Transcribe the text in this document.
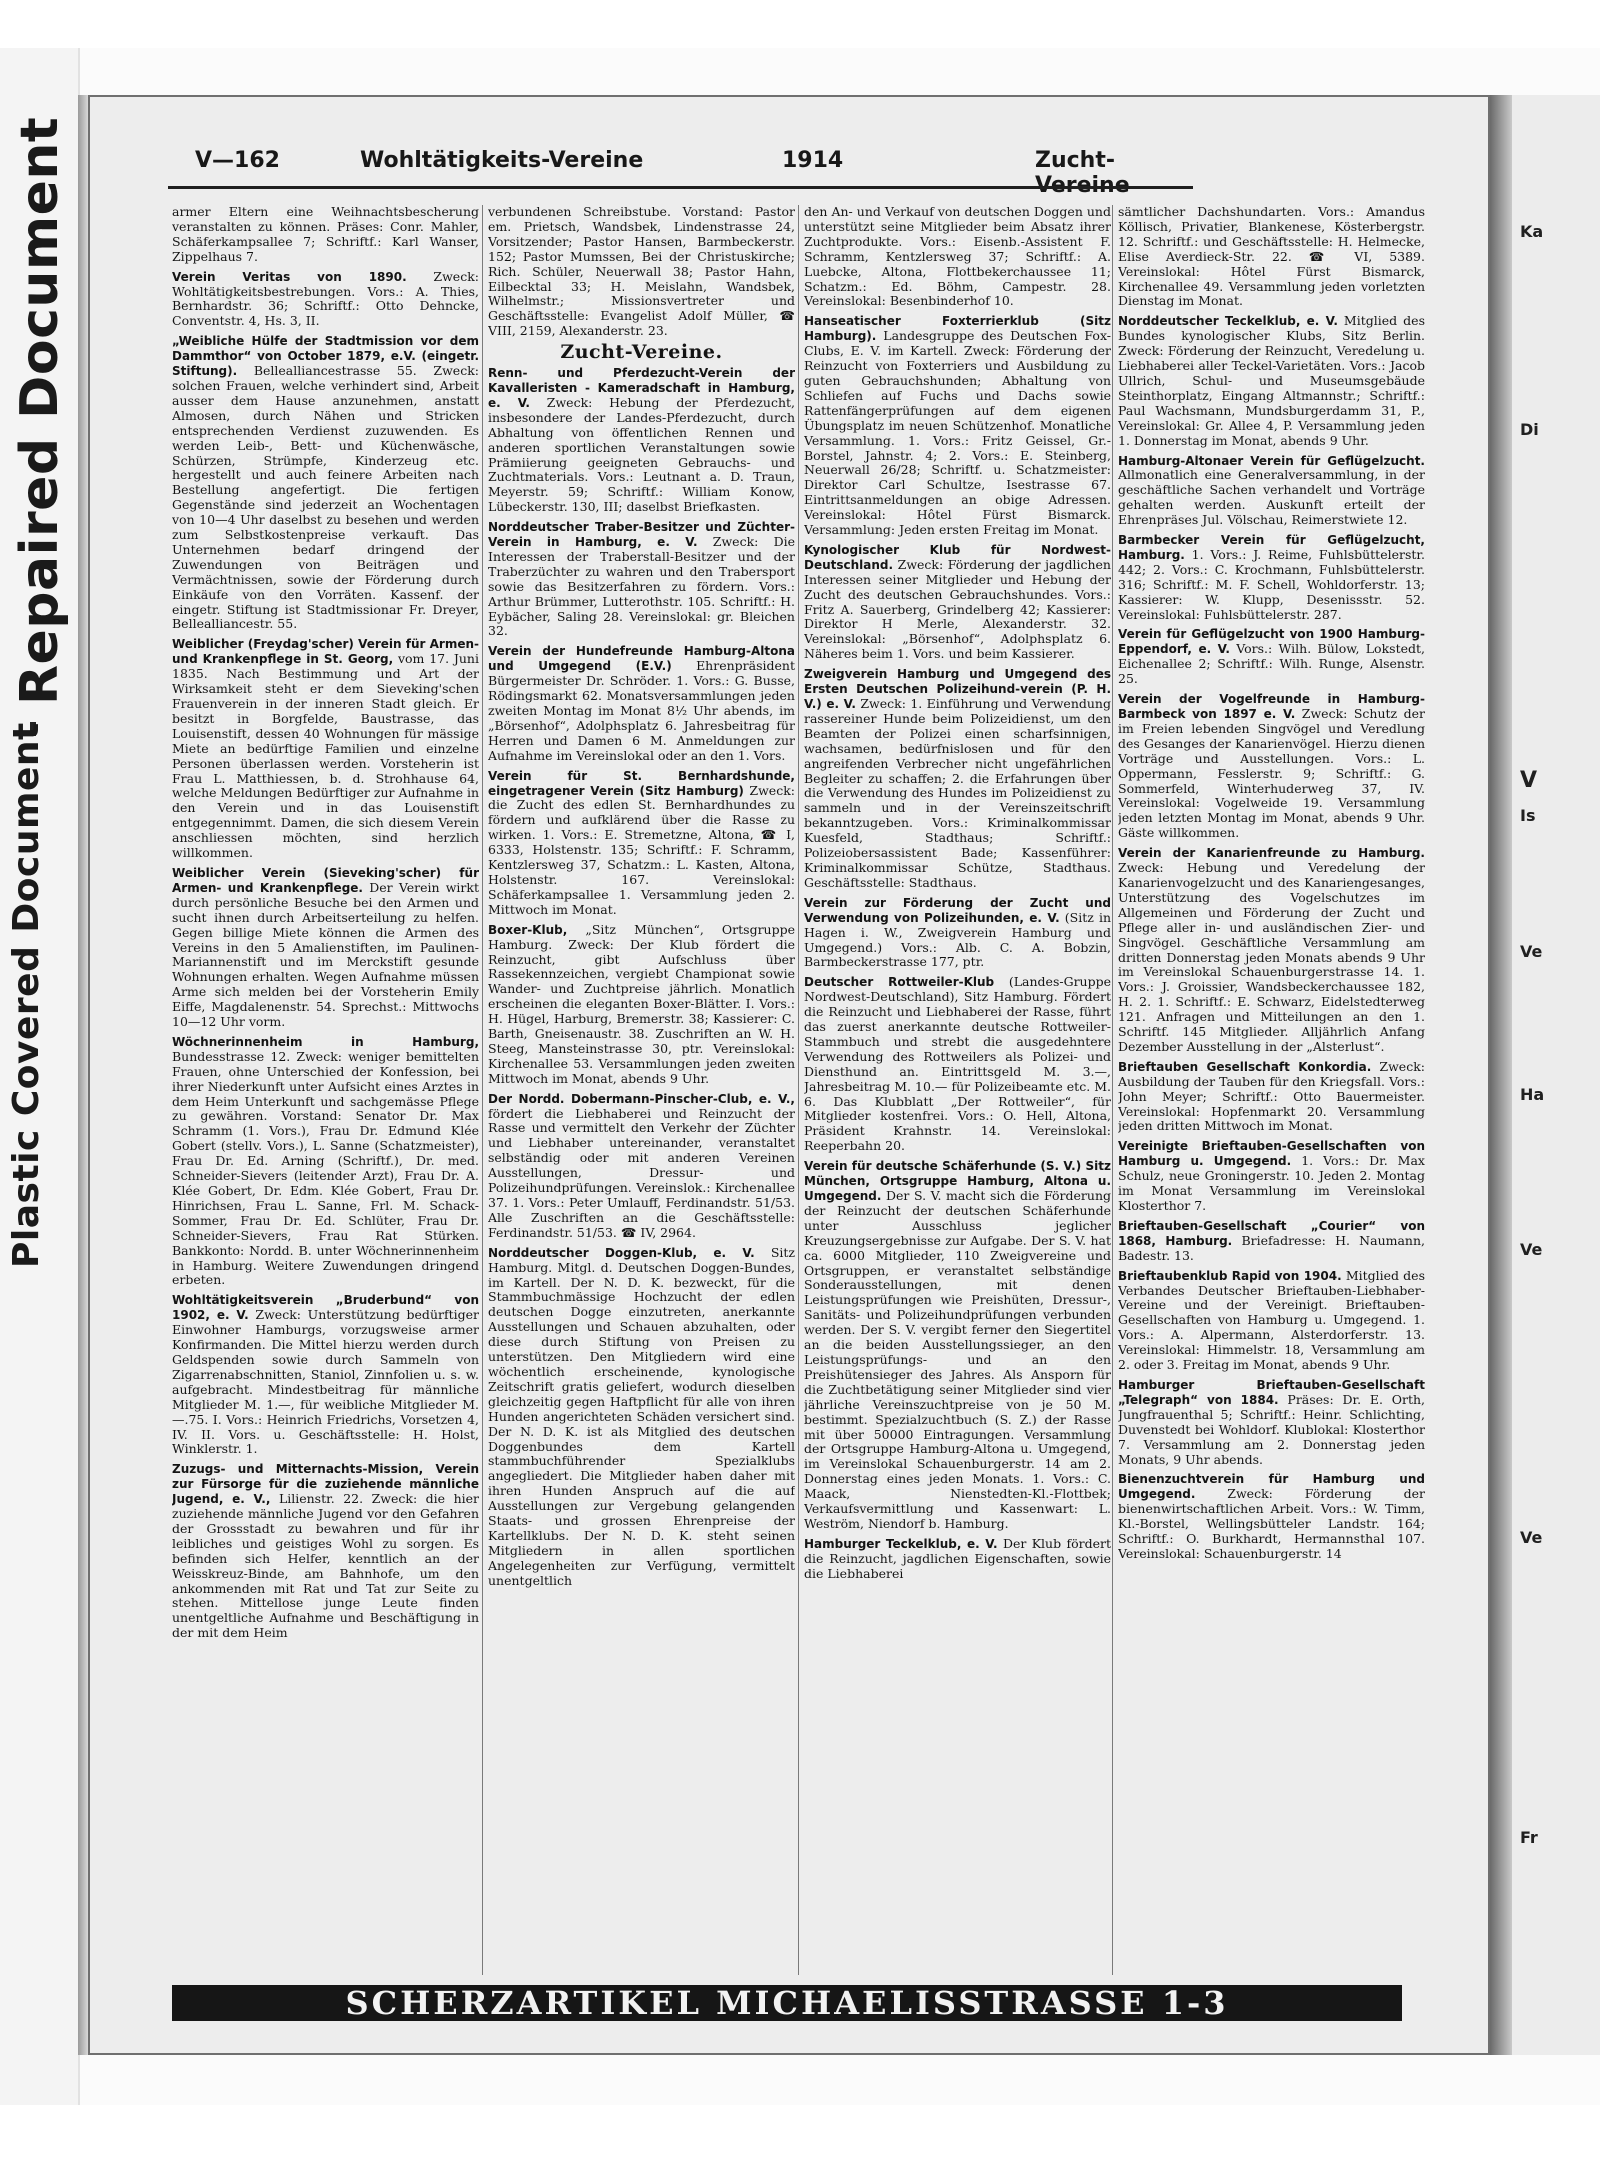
Repaired Document
Plastic Covered Document
V—162	Wohltätigkeits-Vereine	1914	Zucht-
armer Eltern eine Weihnachtsbescherung veranstalten zu können. Präses: Conr. Mahler, Schäferkampsallee 7; Schriftf.: Karl Wanser, Zippelhaus 7.
Verein Veritas von 1890. Zweck: Wohltätigkeitsbestrebungen. Vors.: A. Thies, Bernhardstr. 36; Schriftf.: Otto Dehncke, Conventstr. 4, Hs. 3, II.
„Weibliche Hülfe der Stadtmission vor dem Dammthor“ von October 1879, e.V. (eingetr. Stiftung). Bellealliancestrasse 55. Zweck: solchen Frauen, welche verhindert sind, Arbeit ausser dem Hause anzunehmen, anstatt Almosen, durch Nähen und Stricken entsprechenden Verdienst zuzuwenden. Es werden Leib-, Bett- und Küchenwäsche, Schürzen, Strümpfe, Kinderzeug etc. hergestellt und auch feinere Arbeiten nach Bestellung angefertigt. Die fertigen Gegenstände sind jederzeit an Wochentagen von 10—4 Uhr daselbst zu besehen und werden zum Selbstkostenpreise verkauft. Das Unternehmen bedarf dringend der Zuwendungen von Beiträgen und Vermächtnissen, sowie der Förderung durch Einkäufe von den Vorräten. Kassenf. der eingetr. Stiftung ist Stadtmissionar Fr. Dreyer, Bellealliancestr. 55.
Weiblicher (Freydag'scher) Verein für Armen- und Krankenpflege in St. Georg, vom 17. Juni 1835. Nach Bestimmung und Art der Wirksamkeit steht er dem Sieveking'schen Frauenverein in der inneren Stadt gleich. Er besitzt in Borgfelde, Baustrasse, das Louisenstift, dessen 40 Wohnungen für mässige Miete an bedürftige Familien und einzelne Personen überlassen werden. Vorsteherin ist Frau L. Matthiessen, b. d. Strohhause 64, welche Meldungen Bedürftiger zur Aufnahme in den Verein und in das Louisenstift entgegennimmt. Damen, die sich diesem Verein anschliessen möchten, sind herzlich willkommen.
Weiblicher Verein (Sieveking'scher) für Armen- und Krankenpflege. Der Verein wirkt durch persönliche Besuche bei den Armen und sucht ihnen durch Arbeitserteilung zu helfen. Gegen billige Miete können die Armen des Vereins in den 5 Amalienstiften, im Paulinen-Mariannenstift und im Merckstift gesunde Wohnungen erhalten. Wegen Aufnahme müssen Arme sich melden bei der Vorsteherin Emily Eiffe, Magdalenenstr. 54. Sprechst.: Mittwochs 10—12 Uhr vorm.
Wöchnerinnenheim in Hamburg, Bundesstrasse 12. Zweck: weniger bemittelten Frauen, ohne Unterschied der Konfession, bei ihrer Niederkunft unter Aufsicht eines Arztes in dem Heim Unterkunft und sachgemässe Pflege zu gewähren. Vorstand: Senator Dr. Max Schramm (1. Vors.), Frau Dr. Edmund Klée Gobert (stellv. Vors.), L. Sanne (Schatzmeister), Frau Dr. Ed. Arning (Schriftf.), Dr. med. Schneider-Sievers (leitender Arzt), Frau Dr. A. Klée Gobert, Dr. Edm. Klée Gobert, Frau Dr. Hinrichsen, Frau L. Sanne, Frl. M. Schack-Sommer, Frau Dr. Ed. Schlüter, Frau Dr. Schneider-Sievers, Frau Rat Stürken. Bankkonto: Nordd. B. unter Wöchnerinnenheim in Hamburg. Weitere Zuwendungen dringend erbeten.
Wohltätigkeitsverein „Bruderbund“ von 1902, e. V. Zweck: Unterstützung bedürftiger Einwohner Hamburgs, vorzugsweise armer Konfirmanden. Die Mittel hierzu werden durch Geldspenden sowie durch Sammeln von Zigarrenabschnitten, Staniol, Zinnfolien u. s. w. aufgebracht. Mindestbeitrag für männliche Mitglieder M. 1.—, für weibliche Mitglieder M. —.75. I. Vors.: Heinrich Friedrichs, Vorsetzen 4, IV. II. Vors. u. Geschäftsstelle: H. Holst, Winklerstr. 1.
Zuzugs- und Mitternachts-Mission, Verein zur Fürsorge für die zuziehende männliche Jugend, e. V., Lilienstr. 22. Zweck: die hier zuziehende männliche Jugend vor den Gefahren der Grossstadt zu bewahren und für ihr leibliches und geistiges Wohl zu sorgen. Es befinden sich Helfer, kenntlich an der Weisskreuz-Binde, am Bahnhofe, um den ankommenden mit Rat und Tat zur Seite zu stehen. Mittellose junge Leute finden unentgeltliche Aufnahme und Beschäftigung in der mit dem Heim
verbundenen Schreibstube. Vorstand: Pastor em. Prietsch, Wandsbek, Lindenstrasse 24, Vorsitzender; Pastor Hansen, Barmbeckerstr. 152; Pastor Mumssen, Bei der Christuskirche; Rich. Schüler, Neuerwall 38; Pastor Hahn, Eilbecktal 33; H. Meislahn, Wandsbek, Wilhelmstr.; Missionsvertreter und Geschäftsstelle: Evangelist Adolf Müller, ☎ VIII, 2159, Alexanderstr. 23.
Zucht-Vereine.
Renn- und Pferdezucht-Verein der Kavalleristen - Kameradschaft in Hamburg, e. V. Zweck: Hebung der Pferdezucht, insbesondere der Landes-Pferdezucht, durch Abhaltung von öffentlichen Rennen und anderen sportlichen Veranstaltungen sowie Prämiierung geeigneten Gebrauchs- und Zuchtmaterials. Vors.: Leutnant a. D. Traun, Meyerstr. 59; Schriftf.: William Konow, Lübeckerstr. 130, III; daselbst Briefkasten.
Norddeutscher Traber-Besitzer und Züchter-Verein in Hamburg, e. V. Zweck: Die Interessen der Traberstall-Besitzer und der Traberzüchter zu wahren und den Trabersport sowie das Besitzerfahren zu fördern. Vors.: Arthur Brümmer, Lutterothstr. 105. Schriftf.: H. Eybächer, Saling 28. Vereinslokal: gr. Bleichen 32.
Verein der Hundefreunde Hamburg-Altona und Umgegend (E.V.) Ehrenpräsident Bürgermeister Dr. Schröder. 1. Vors.: G. Busse, Rödingsmarkt 62. Monatsversammlungen jeden zweiten Montag im Monat 8½ Uhr abends, im „Börsenhof“, Adolphsplatz 6. Jahresbeitrag für Herren und Damen 6 M. Anmeldungen zur Aufnahme im Vereinslokal oder an den 1. Vors.
Verein für St. Bernhardshunde, eingetragener Verein (Sitz Hamburg) Zweck: die Zucht des edlen St. Bernhardhundes zu fördern und aufklärend über die Rasse zu wirken. 1. Vors.: E. Stremetzne, Altona, ☎ I, 6333, Holstenstr. 135; Schriftf.: F. Schramm, Kentzlersweg 37, Schatzm.: L. Kasten, Altona, Holstenstr. 167. Vereinslokal: Schäferkampsallee 1. Versammlung jeden 2. Mittwoch im Monat.
Boxer-Klub, „Sitz München“, Ortsgruppe Hamburg. Zweck: Der Klub fördert die Reinzucht, gibt Aufschluss über Rassekennzeichen, vergiebt Championat sowie Wander- und Zuchtpreise jährlich. Monatlich erscheinen die eleganten Boxer-Blätter. I. Vors.: H. Hügel, Harburg, Bremerstr. 38; Kassierer: C. Barth, Gneisenaustr. 38. Zuschriften an W. H. Steeg, Mansteinstrasse 30, ptr. Vereinslokal: Kirchenallee 53. Versammlungen jeden zweiten Mittwoch im Monat, abends 9 Uhr.
Der Nordd. Dobermann-Pinscher-Club, e. V., fördert die Liebhaberei und Reinzucht der Rasse und vermittelt den Verkehr der Züchter und Liebhaber untereinander, veranstaltet selbständig oder mit anderen Vereinen Ausstellungen, Dressur- und Polizeihundprüfungen. Vereinslok.: Kirchenallee 37. 1. Vors.: Peter Umlauff, Ferdinandstr. 51/53. Alle Zuschriften an die Geschäftsstelle: Ferdinandstr. 51/53. ☎ IV, 2964.
Norddeutscher Doggen-Klub, e. V. Sitz Hamburg. Mitgl. d. Deutschen Doggen-Bundes, im Kartell. Der N. D. K. bezweckt, für die Stammbuchmässige Hochzucht der edlen deutschen Dogge einzutreten, anerkannte Ausstellungen und Schauen abzuhalten, oder diese durch Stiftung von Preisen zu unterstützen. Den Mitgliedern wird eine wöchentlich erscheinende, kynologische Zeitschrift gratis geliefert, wodurch dieselben gleichzeitig gegen Haftpflicht für alle von ihren Hunden angerichteten Schäden versichert sind. Der N. D. K. ist als Mitglied des deutschen Doggenbundes dem Kartell stammbuchführender Spezialklubs angegliedert. Die Mitglieder haben daher mit ihren Hunden Anspruch auf die auf Ausstellungen zur Vergebung gelangenden Staats- und grossen Ehrenpreise der Kartellklubs. Der N. D. K. steht seinen Mitgliedern in allen sportlichen Angelegenheiten zur Verfügung, vermittelt unentgeltlich
den An- und Verkauf von deutschen Doggen und unterstützt seine Mitglieder beim Absatz ihrer Zuchtprodukte. Vors.: Eisenb.-Assistent F. Schramm, Kentzlersweg 37; Schriftf.: A. Luebcke, Altona, Flottbekerchaussee 11; Schatzm.: Ed. Böhm, Campestr. 28. Vereinslokal: Besenbinderhof 10.
Hanseatischer Foxterrierklub (Sitz Hamburg). Landesgruppe des Deutschen Fox-Clubs, E. V. im Kartell. Zweck: Förderung der Reinzucht von Foxterriers und Ausbildung zu guten Gebrauchshunden; Abhaltung von Schliefen auf Fuchs und Dachs sowie Rattenfängerprüfungen auf dem eigenen Übungsplatz im neuen Schützenhof. Monatliche Versammlung. 1. Vors.: Fritz Geissel, Gr.-Borstel, Jahnstr. 4; 2. Vors.: E. Steinberg, Neuerwall 26/28; Schriftf. u. Schatzmeister: Direktor Carl Schultze, Isestrasse 67. Eintrittsanmeldungen an obige Adressen. Vereinslokal: Hôtel Fürst Bismarck. Versammlung: Jeden ersten Freitag im Monat.
Kynologischer Klub für Nordwest-Deutschland. Zweck: Förderung der jagdlichen Interessen seiner Mitglieder und Hebung der Zucht des deutschen Gebrauchshundes. Vors.: Fritz A. Sauerberg, Grindelberg 42; Kassierer: Direktor H Merle, Alexanderstr. 32. Vereinslokal: „Börsenhof“, Adolphsplatz 6. Näheres beim 1. Vors. und beim Kassierer.
Zweigverein Hamburg und Umgegend des Ersten Deutschen Polizeihund-verein (P. H. V.) e. V. Zweck: 1. Einführung und Verwendung rassereiner Hunde beim Polizeidienst, um den Beamten der Polizei einen scharfsinnigen, wachsamen, bedürfnislosen und für den angreifenden Verbrecher nicht ungefährlichen Begleiter zu schaffen; 2. die Erfahrungen über die Verwendung des Hundes im Polizeidienst zu sammeln und in der Vereinszeitschrift bekanntzugeben. Vors.: Kriminalkommissar Kuesfeld, Stadthaus; Schriftf.: Polizeiobersassistent Bade; Kassenführer: Kriminalkommissar Schütze, Stadthaus. Geschäftsstelle: Stadthaus.
Verein zur Förderung der Zucht und Verwendung von Polizeihunden, e. V. (Sitz in Hagen i. W., Zweigverein Hamburg und Umgegend.) Vors.: Alb. C. A. Bobzin, Barmbeckerstrasse 177, ptr.
Deutscher Rottweiler-Klub (Landes-Gruppe Nordwest-Deutschland), Sitz Hamburg. Fördert die Reinzucht und Liebhaberei der Rasse, führt das zuerst anerkannte deutsche Rottweiler-Stammbuch und strebt die ausgedehntere Verwendung des Rottweilers als Polizei- und Diensthund an. Eintrittsgeld M. 3.—, Jahresbeitrag M. 10.— für Polizeibeamte etc. M. 6. Das Klubblatt „Der Rottweiler“, für Mitglieder kostenfrei. Vors.: O. Hell, Altona, Präsident Krahnstr. 14. Vereinslokal: Reeperbahn 20.
Verein für deutsche Schäferhunde (S. V.) Sitz München, Ortsgruppe Hamburg, Altona u. Umgegend. Der S. V. macht sich die Förderung der Reinzucht der deutschen Schäferhunde unter Ausschluss jeglicher Kreuzungsergebnisse zur Aufgabe. Der S. V. hat ca. 6000 Mitglieder, 110 Zweigvereine und Ortsgruppen, er veranstaltet selbständige Sonderausstellungen, mit denen Leistungsprüfungen wie Preishüten, Dressur-, Sanitäts- und Polizeihundprüfungen verbunden werden. Der S. V. vergibt ferner den Siegertitel an die beiden Ausstellungssieger, an den Leistungsprüfungs- und an den Preishütensieger des Jahres. Als Ansporn für die Zuchtbetätigung seiner Mitglieder sind vier jährliche Vereinszuchtpreise von je 50 M. bestimmt. Spezialzuchtbuch (S. Z.) der Rasse mit über 50000 Eintragungen. Versammlung der Ortsgruppe Hamburg-Altona u. Umgegend, im Vereinslokal Schauenburgerstr. 14 am 2. Donnerstag eines jeden Monats. 1. Vors.: C. Maack, Nienstedten-Kl.-Flottbek; Verkaufsvermittlung und Kassenwart: L. Weström, Niendorf b. Hamburg.
Hamburger Teckelklub, e. V. Der Klub fördert die Reinzucht, jagdlichen Eigenschaften, sowie die Liebhaberei
sämtlicher Dachshundarten. Vors.: Amandus Köllisch, Privatier, Blankenese, Kösterbergstr. 12. Schriftf.: und Geschäftsstelle: H. Helmecke, Elise Averdieck-Str. 22. ☎ VI, 5389. Vereinslokal: Hôtel Fürst Bismarck, Kirchenallee 49. Versammlung jeden vorletzten Dienstag im Monat.
Norddeutscher Teckelklub, e. V. Mitglied des Bundes kynologischer Klubs, Sitz Berlin. Zweck: Förderung der Reinzucht, Veredelung u. Liebhaberei aller Teckel-Varietäten. Vors.: Jacob Ullrich, Schul- und Museumsgebäude Steinthorplatz, Eingang Altmannstr.; Schriftf.: Paul Wachsmann, Mundsburgerdamm 31, P., Vereinslokal: Gr. Allee 4, P. Versammlung jeden 1. Donnerstag im Monat, abends 9 Uhr.
Hamburg-Altonaer Verein für Geflügelzucht. Allmonatlich eine Generalversammlung, in der geschäftliche Sachen verhandelt und Vorträge gehalten werden. Auskunft erteilt der Ehrenpräses Jul. Völschau, Reimerstwiete 12.
Barmbecker Verein für Geflügelzucht, Hamburg. 1. Vors.: J. Reime, Fuhlsbüttelerstr. 442; 2. Vors.: C. Krochmann, Fuhlsbüttelerstr. 316; Schriftf.: M. F. Schell, Wohldorferstr. 13; Kassierer: W. Klupp, Desenissstr. 52. Vereinslokal: Fuhlsbüttelerstr. 287.
Verein für Geflügelzucht von 1900 Hamburg-Eppendorf, e. V. Vors.: Wilh. Bülow, Lokstedt, Eichenallee 2; Schriftf.: Wilh. Runge, Alsenstr. 25.
Verein der Vogelfreunde in Hamburg-Barmbeck von 1897 e. V. Zweck: Schutz der im Freien lebenden Singvögel und Veredlung des Gesanges der Kanarienvögel. Hierzu dienen Vorträge und Ausstellungen. Vors.: L. Oppermann, Fesslerstr. 9; Schriftf.: G. Sommerfeld, Winterhuderweg 37, IV. Vereinslokal: Vogelweide 19. Versammlung jeden letzten Montag im Monat, abends 9 Uhr. Gäste willkommen.
Verein der Kanarienfreunde zu Hamburg. Zweck: Hebung und Veredelung der Kanarienvogelzucht und des Kanariengesanges, Unterstützung des Vogelschutzes im Allgemeinen und Förderung der Zucht und Pflege aller in- und ausländischen Zier- und Singvögel. Geschäftliche Versammlung am dritten Donnerstag jeden Monats abends 9 Uhr im Vereinslokal Schauenburgerstrasse 14. 1. Vors.: J. Groissier, Wandsbeckerchaussee 182, H. 2. 1. Schriftf.: E. Schwarz, Eidelstedterweg 121. Anfragen und Mitteilungen an den 1. Schriftf. 145 Mitglieder. Alljährlich Anfang Dezember Ausstellung in der „Alsterlust“.
Brieftauben Gesellschaft Konkordia. Zweck: Ausbildung der Tauben für den Kriegsfall. Vors.: John Meyer; Schriftf.: Otto Bauermeister. Vereinslokal: Hopfenmarkt 20. Versammlung jeden dritten Mittwoch im Monat.
Vereinigte Brieftauben-Gesellschaften von Hamburg u. Umgegend. 1. Vors.: Dr. Max Schulz, neue Groningerstr. 10. Jeden 2. Montag im Monat Versammlung im Vereinslokal Klosterthor 7.
Brieftauben-Gesellschaft „Courier“ von 1868, Hamburg. Briefadresse: H. Naumann, Badestr. 13.
Brieftaubenklub Rapid von 1904. Mitglied des Verbandes Deutscher Brieftauben-Liebhaber-Vereine und der Vereinigt. Brieftauben-Gesellschaften von Hamburg u. Umgegend. 1. Vors.: A. Alpermann, Alsterdorferstr. 13. Vereinslokal: Himmelstr. 18, Versammlung am 2. oder 3. Freitag im Monat, abends 9 Uhr.
Hamburger Brieftauben-Gesellschaft „Telegraph“ von 1884. Präses: Dr. E. Orth, Jungfrauenthal 5; Schriftf.: Heinr. Schlichting, Duvenstedt bei Wohldorf. Klublokal: Klosterthor 7. Versammlung am 2. Donnerstag jeden Monats, 9 Uhr abends.
Bienenzuchtverein für Hamburg und Umgegend.	Zweck: Förderung der bienenwirtschaftlichen Arbeit. Vors.: W. Timm, Kl.-Borstel, Wellingsbütteler Landstr. 164; Schriftf.: O. Burkhardt, Hermannsthal 107. Vereinslokal: Schauenburgerstr. 14
SCHERZARTIKEL MICHAELISSTRASSE 1-3
Ka
Di
V
Is
Ve
Ha
Ve
Ve
Fr
